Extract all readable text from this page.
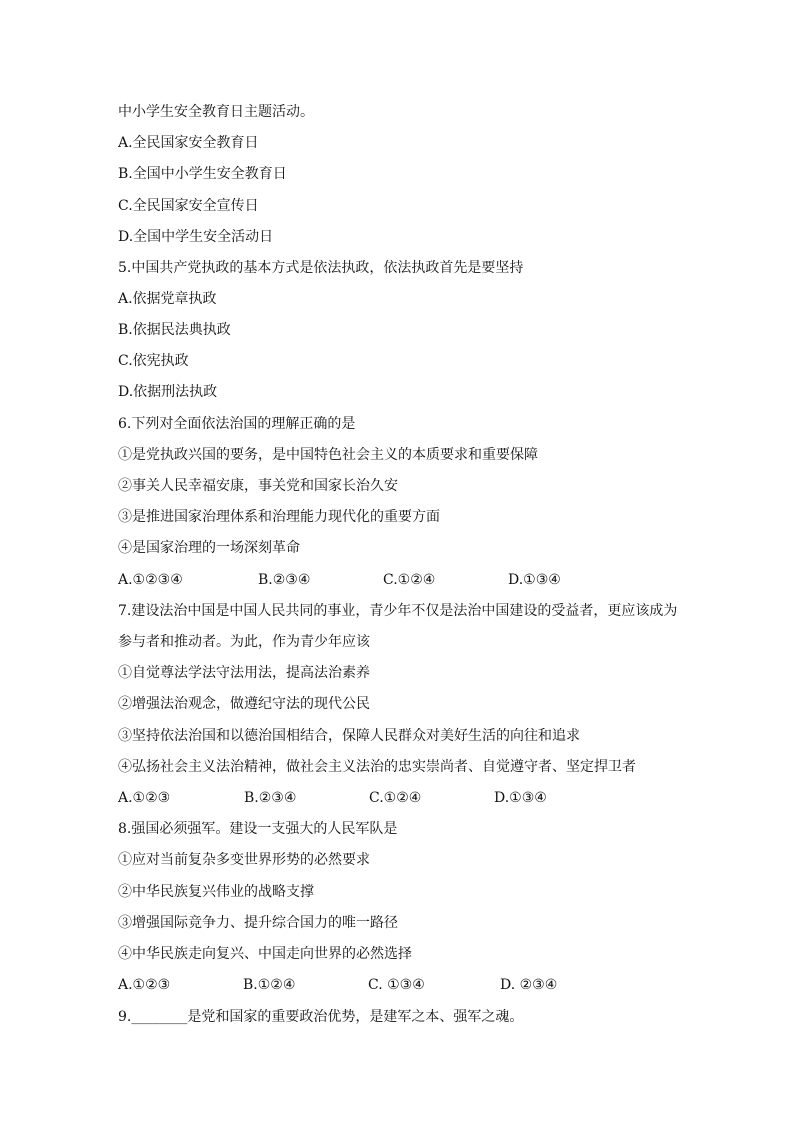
中小学生安全教育日主题活动。
A.全民国家安全教育日
B.全国中小学生安全教育日
C.全民国家安全宣传日
D.全国中学生安全活动日
5.中国共产党执政的基本方式是依法执政，依法执政首先是要坚持
A.依据党章执政
B.依据民法典执政
C.依宪执政
D.依据刑法执政
6.下列对全面依法治国的理解正确的是
①是党执政兴国的要务，是中国特色社会主义的本质要求和重要保障
②事关人民幸福安康，事关党和国家长治久安
③是推进国家治理体系和治理能力现代化的重要方面
④是国家治理的一场深刻革命
A.①②③④	B.②③④	C.①②④	D.①③④
7.建设法治中国是中国人民共同的事业，青少年不仅是法治中国建设的受益者，更应该成为
参与者和推动者。为此，作为青少年应该
①自觉尊法学法守法用法，提高法治素养
②增强法治观念，做遵纪守法的现代公民
③坚持依法治国和以德治国相结合，保障人民群众对美好生活的向往和追求
④弘扬社会主义法治精神，做社会主义法治的忠实崇尚者、自觉遵守者、坚定捍卫者
A.①②③	B.②③④	C.①②④	D.①③④
8.强国必须强军。建设一支强大的人民军队是
①应对当前复杂多变世界形势的必然要求
②中华民族复兴伟业的战略支撑
③增强国际竞争力、提升综合国力的唯一路径
④中华民族走向复兴、中国走向世界的必然选择
A.①②③	B.①②④	C. ①③④	D. ②③④
9.________是党和国家的重要政治优势，是建军之本、强军之魂。
